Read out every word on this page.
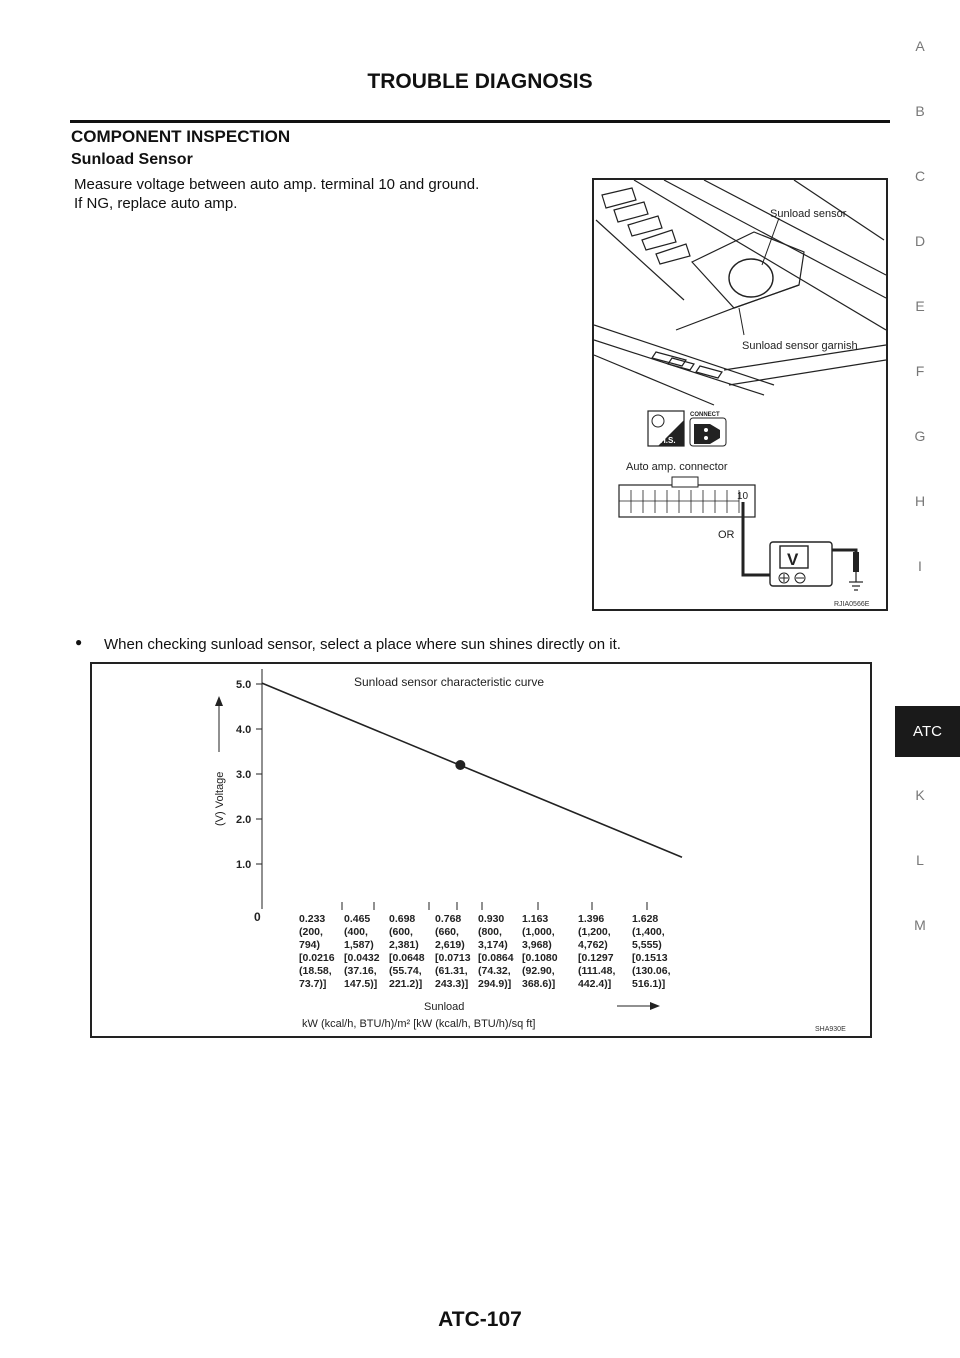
TROUBLE DIAGNOSIS
COMPONENT INSPECTION
Sunload Sensor
Measure voltage between auto amp. terminal 10 and ground.
If NG, replace auto amp.
Sunload sensor
Sunload sensor garnish
H.S.
CONNECT
Auto amp. connector
10
OR
V
RJIA0566E
● When checking sunload sensor, select a place where sun shines directly on it.
Sunload sensor characteristic curve
(V) Voltage
0
5.0
4.0
3.0
2.0
1.0
0.233
(200,
794)
[0.0216
(18.58,
73.7)]
0.465
(400,
1,587)
[0.0432
(37.16,
147.5)]
0.698
(600,
2,381)
[0.0648
(55.74,
221.2)]
0.768
(660,
2,619)
[0.0713
(61.31,
243.3)]
0.930
(800,
3,174)
[0.0864
(74.32,
294.9)]
1.163
(1,000,
3,968)
[0.1080
(92.90,
368.6)]
1.396
(1,200,
4,762)
[0.1297
(111.48,
442.4)]
1.628
(1,400,
5,555)
[0.1513
(130.06,
516.1)]
Sunload
kW (kcal/h, BTU/h)/m² [kW (kcal/h, BTU/h)/sq ft]	SHA930E
ATC
A
B
C
D
E
F
G
H
I
K
L
M
ATC-107
